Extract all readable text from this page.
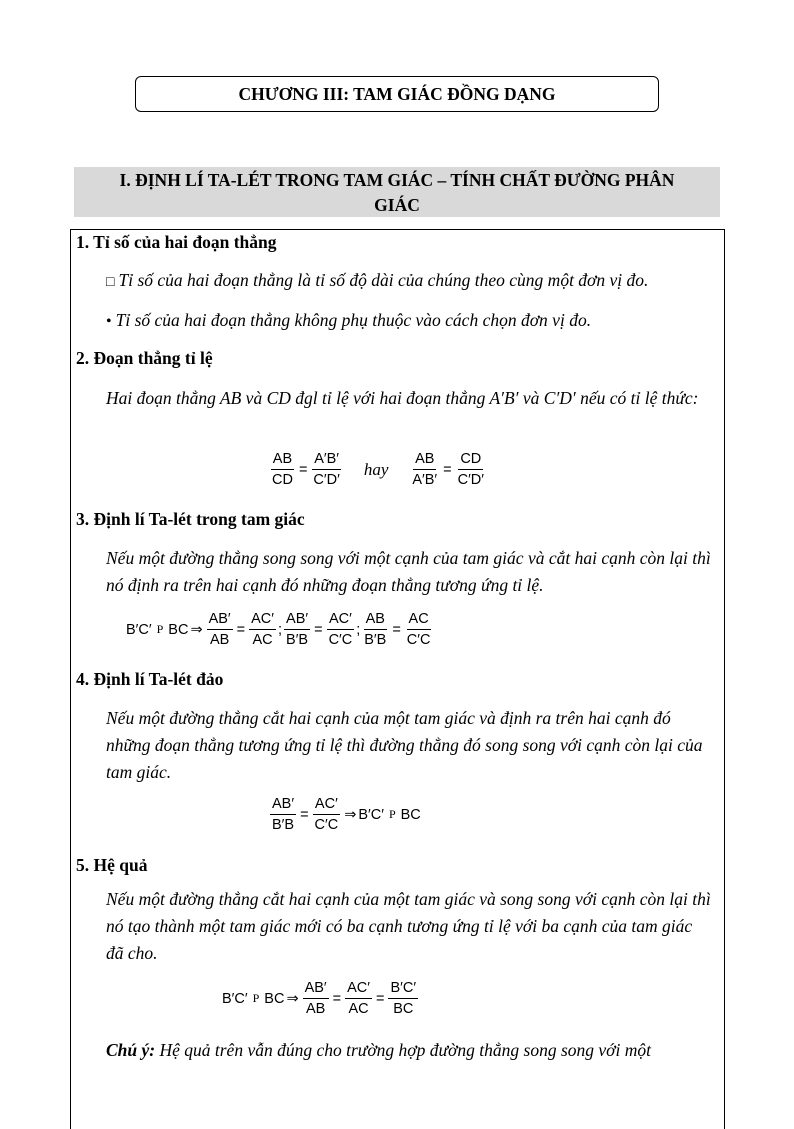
CHƯƠNG III: TAM GIÁC ĐỒNG DẠNG
I. ĐỊNH LÍ TA-LÉT TRONG TAM GIÁC – TÍNH CHẤT ĐƯỜNG PHÂN
GIÁC
1. Tỉ số của hai đoạn thẳng
□ Tỉ số của hai đoạn thẳng là tỉ số độ dài của chúng theo cùng một đơn vị đo.
• Tỉ số của hai đoạn thẳng không phụ thuộc vào cách chọn đơn vị đo.
2. Đoạn thẳng tỉ lệ
Hai đoạn thẳng AB và CD đgl tỉ lệ với hai đoạn thẳng A′B′ và C′D′ nếu có tỉ lệ thức:
$\frac{AB}{CD} = \frac{A'B'}{C'D'}$ hay $\frac{AB}{A'B'} = \frac{CD}{C'D'}$
3. Định lí Ta-lét trong tam giác
Nếu một đường thẳng song song với một cạnh của tam giác và cắt hai cạnh còn lại thì nó định ra trên hai cạnh đó những đoạn thẳng tương ứng tỉ lệ.
B′C′ P BC ⇒ $\frac{AB'}{AB} = \frac{AC'}{AC}$ ; $\frac{AB'}{B'B} = \frac{AC'}{C'C}$ ; $\frac{AB}{B'B} = \frac{AC}{C'C}$
4. Định lí Ta-lét đảo
Nếu một đường thẳng cắt hai cạnh của một tam giác và định ra trên hai cạnh đó những đoạn thẳng tương ứng tỉ lệ thì đường thẳng đó song song với cạnh còn lại của tam giác.
$\frac{AB'}{B'B} = \frac{AC'}{C'C}$ ⇒ B′C′ P BC
5. Hệ quả
Nếu một đường thẳng cắt hai cạnh của một tam giác và song song với cạnh còn lại thì nó tạo thành một tam giác mới có ba cạnh tương ứng tỉ lệ với ba cạnh của tam giác đã cho.
B′C′ P BC ⇒ $\frac{AB'}{AB} = \frac{AC'}{AC} = \frac{B'C'}{BC}$
Chú ý: Hệ quả trên vẫn đúng cho trường hợp đường thẳng song song với một
